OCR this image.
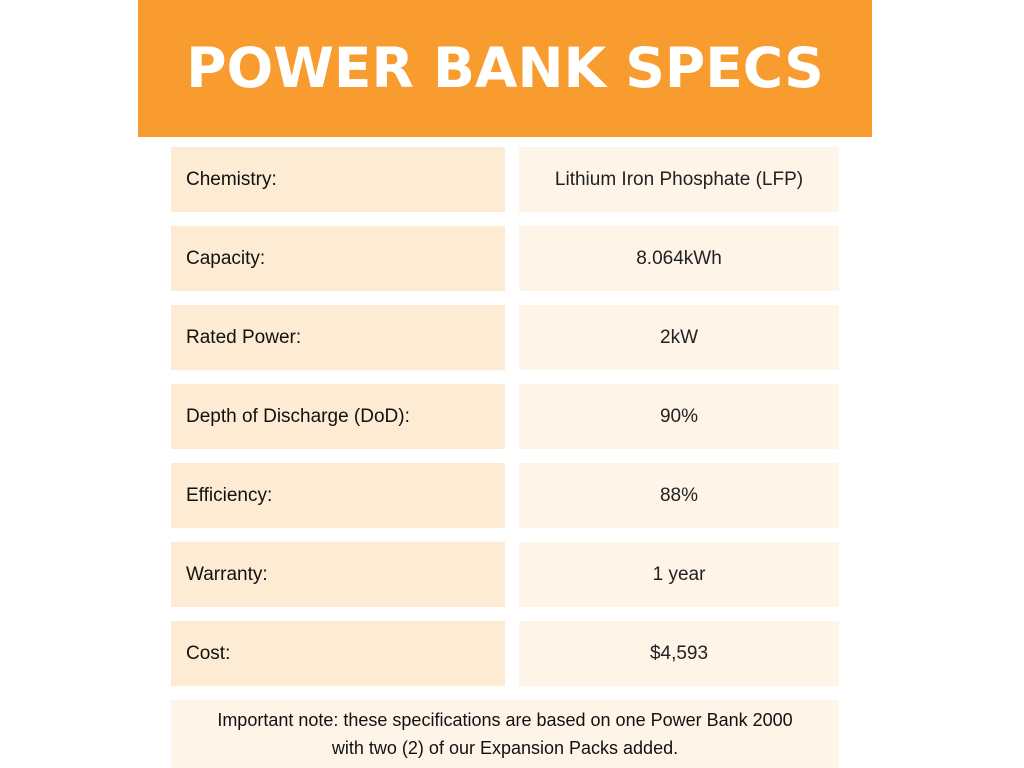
POWER BANK SPECS
Chemistry:	Lithium Iron Phosphate (LFP)
Capacity:	8.064kWh
Rated Power:	2kW
Depth of Discharge (DoD):	90%
Efficiency:	88%
Warranty:	1 year
Cost:	$4,593
Important note: these specifications are based on one Power Bank 2000
with two (2) of our Expansion Packs added.
